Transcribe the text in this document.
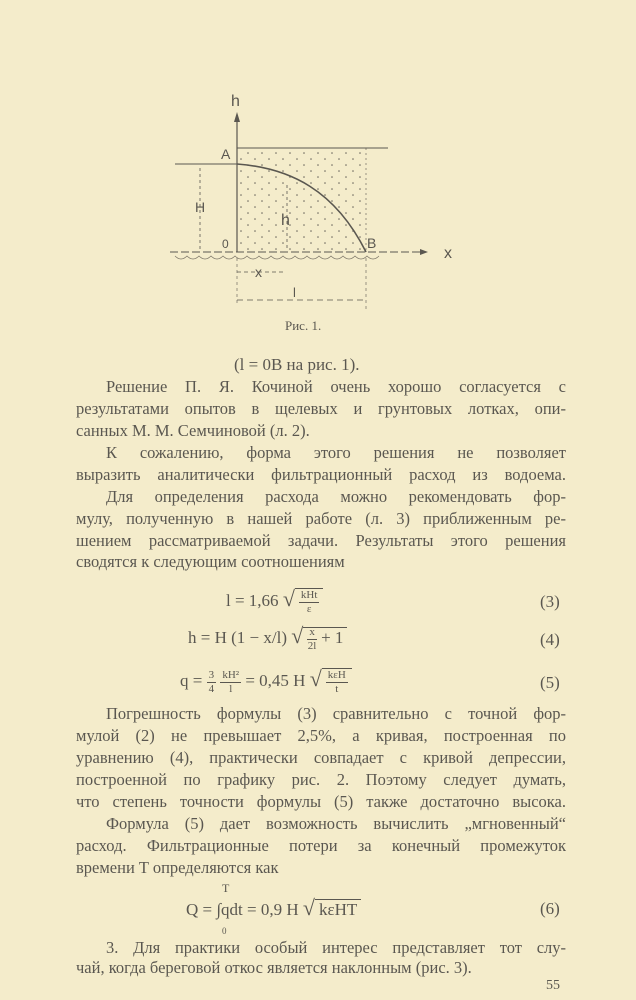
h
A
H
h
0	B
x
x
l
Рис. 1.
(l = 0B на рис. 1).
Решение П. Я. Кочиной очень хорошо согласуется с
результатами опытов в щелевых и грунтовых лотках, опи-
санных М. М. Семчиновой (л. 2).
К сожалению, форма этого решения не позволяет
выразить аналитически фильтрационный расход из водоема.
Для определения расхода можно рекомендовать фор-
мулу, полученную в нашей работе (л. 3) приближенным ре-
шением рассматриваемой задачи. Результаты этого решения
сводятся к следующим соотношениям
l = 1,66 √ $\frac{\text{kHt}}{\varepsilon}$	(3)
h = H (1 − x/l) √ $\frac{x}{2l} + 1$	(4)
$q = \frac{3}{4}$
$\frac{\text{kH²}}{l} = 0,45$ H √ $\frac{\text{kεH}}{t}$	(5)
Погрешность формулы (3) сравнительно с точной фор-
мулой (2) не превышает 2,5%, а кривая, построенная по
уравнению (4), практически совпадает с кривой депрессии,
построенной по графику рис. 2. Поэтому следует думать,
что степень точности формулы (5) также достаточно высока.
Формула (5) дает возможность вычислить „мгновенный“
расход. Фильтрационные потери за конечный промежуток
времени T определяются как
T
Q = ∫qdt = 0,9 H √ kεHT
0
(6)
3. Для практики особый интерес представляет тот слу-
чай, когда береговой откос является наклонным (рис. 3).
55
